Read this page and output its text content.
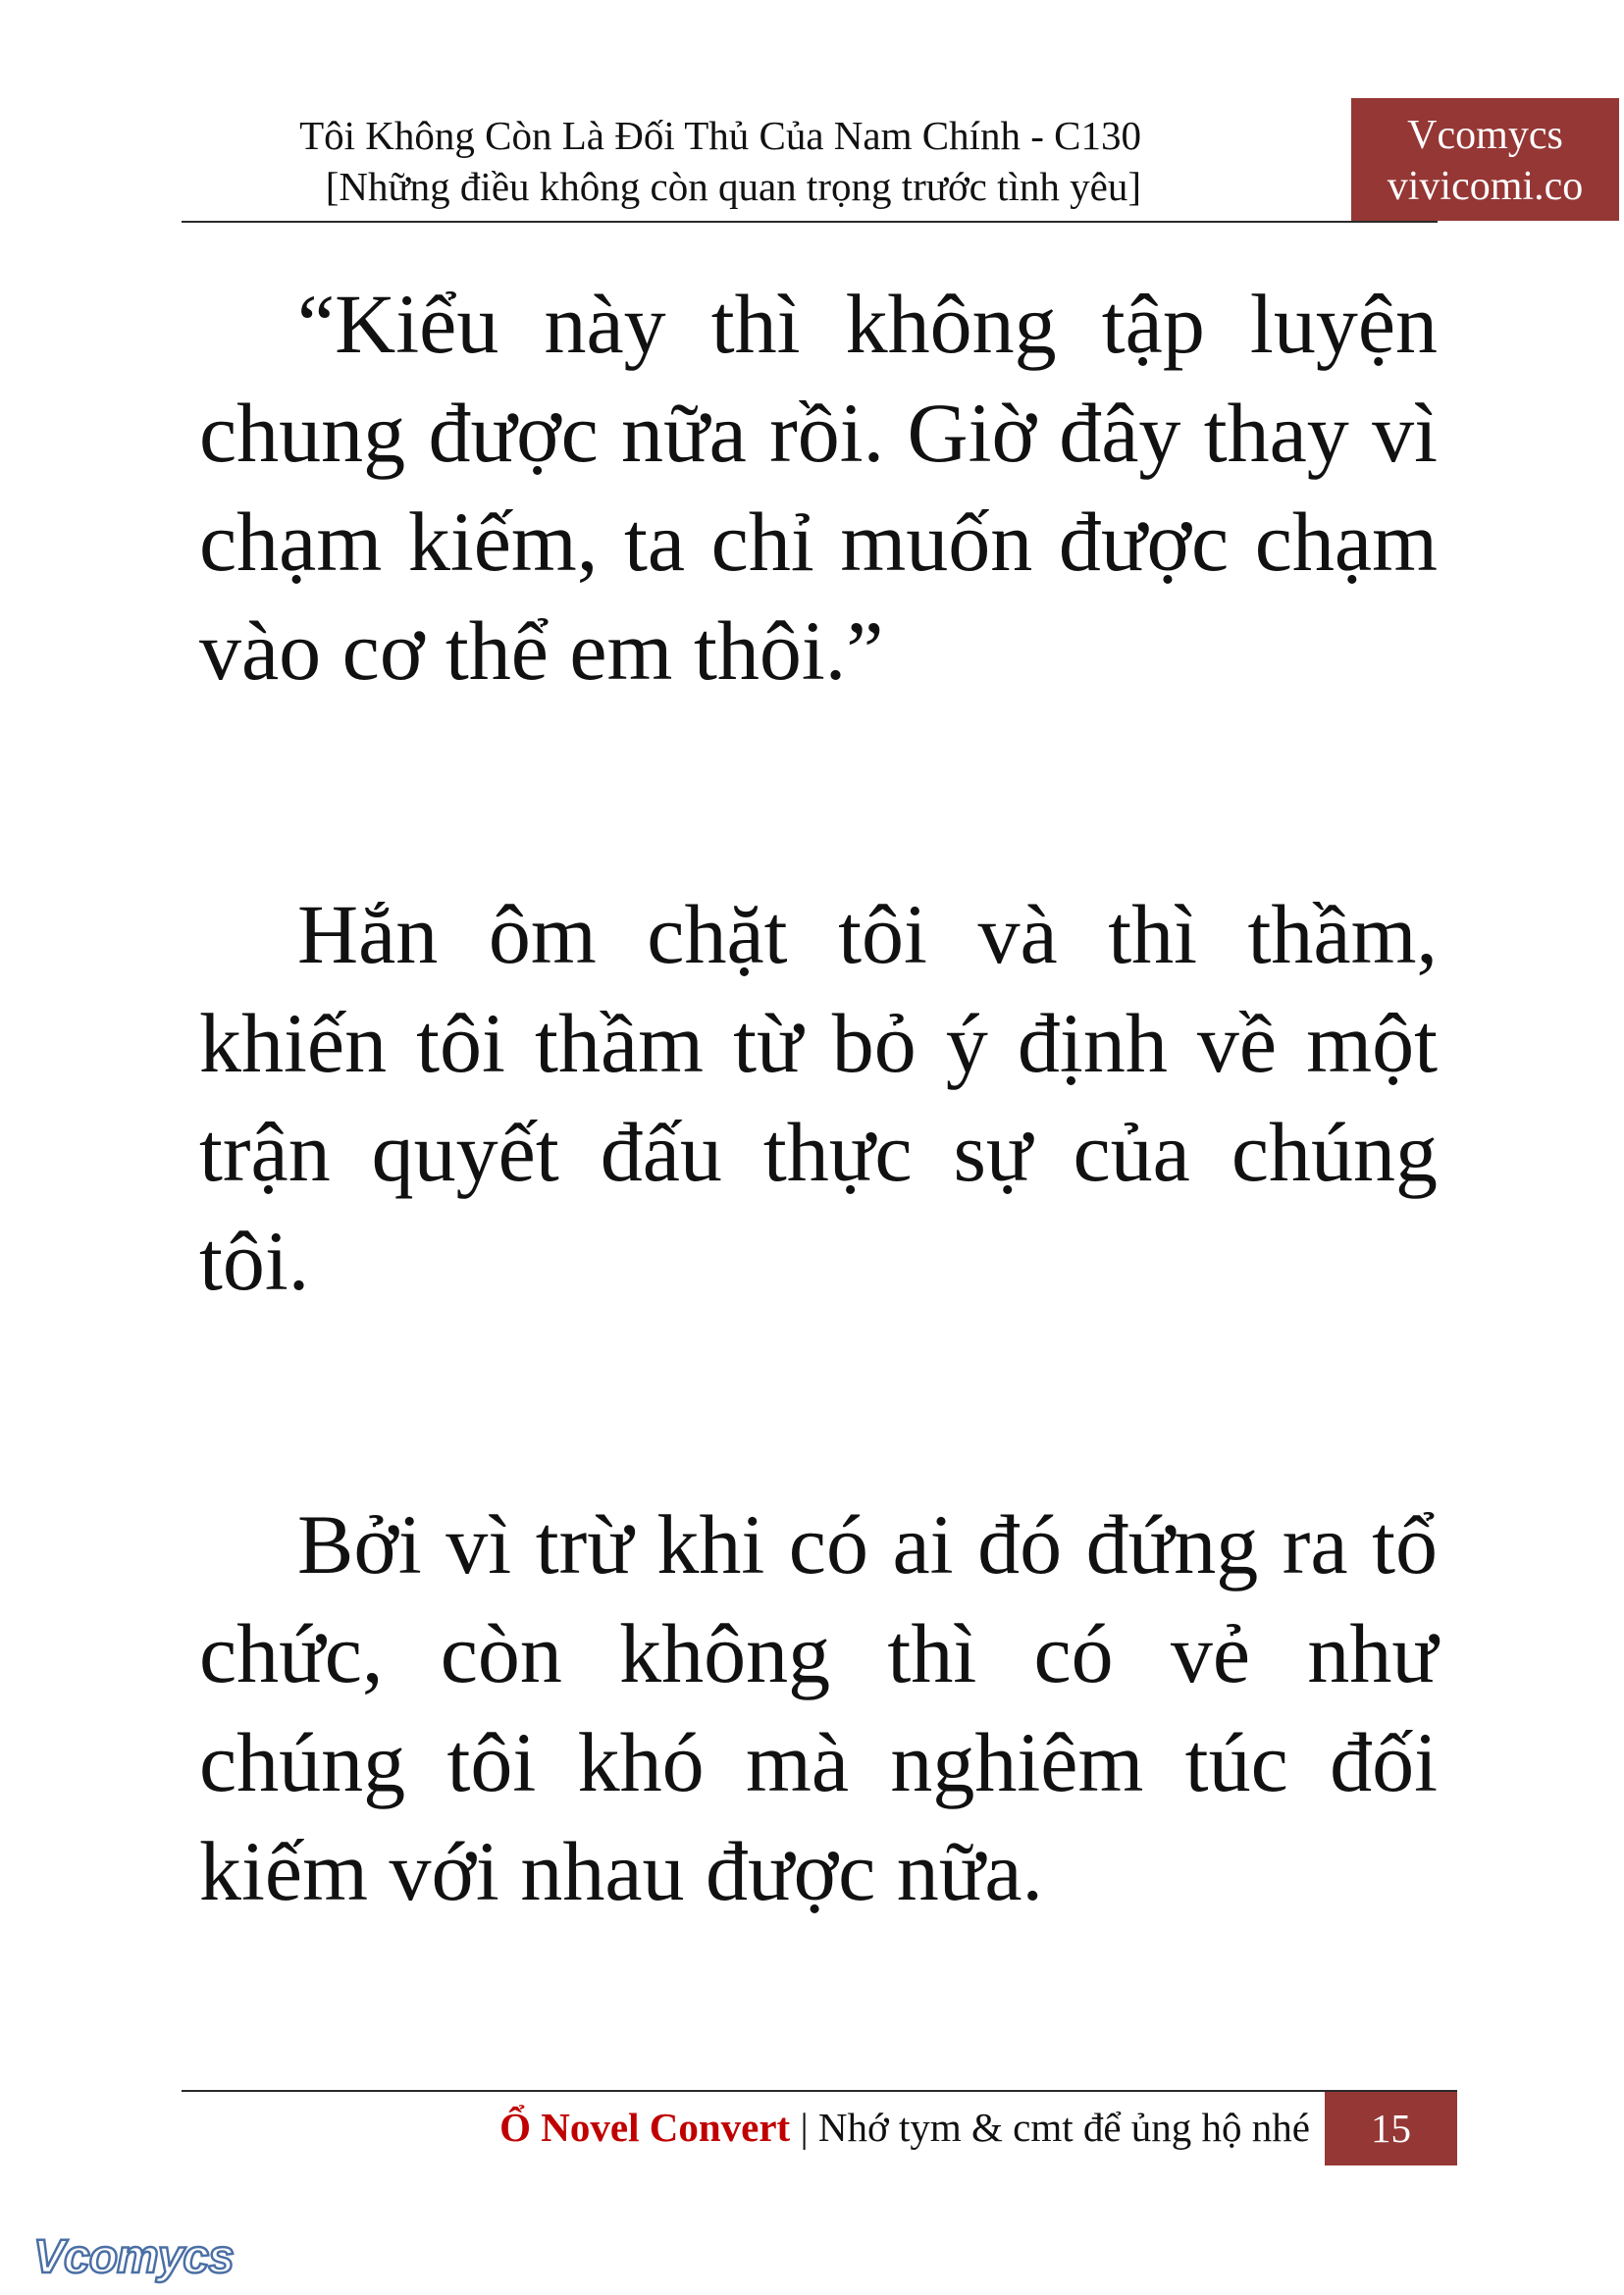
Tôi Không Còn Là Đối Thủ Của Nam Chính - C130
[Những điều không còn quan trọng trước tình yêu]
Vcomycs
vivicomi.co

“Kiểu này thì không tập luyện chung được nữa rồi. Giờ đây thay vì chạm kiếm, ta chỉ muốn được chạm vào cơ thể em thôi.”

Hắn ôm chặt tôi và thì thầm, khiến tôi thầm từ bỏ ý định về một trận quyết đấu thực sự của chúng tôi.

Bởi vì trừ khi có ai đó đứng ra tổ chức, còn không thì có vẻ như chúng tôi khó mà nghiêm túc đối kiếm với nhau được nữa.

Ổ Novel Convert | Nhớ tym & cmt để ủng hộ nhé	15
Vcomycs
